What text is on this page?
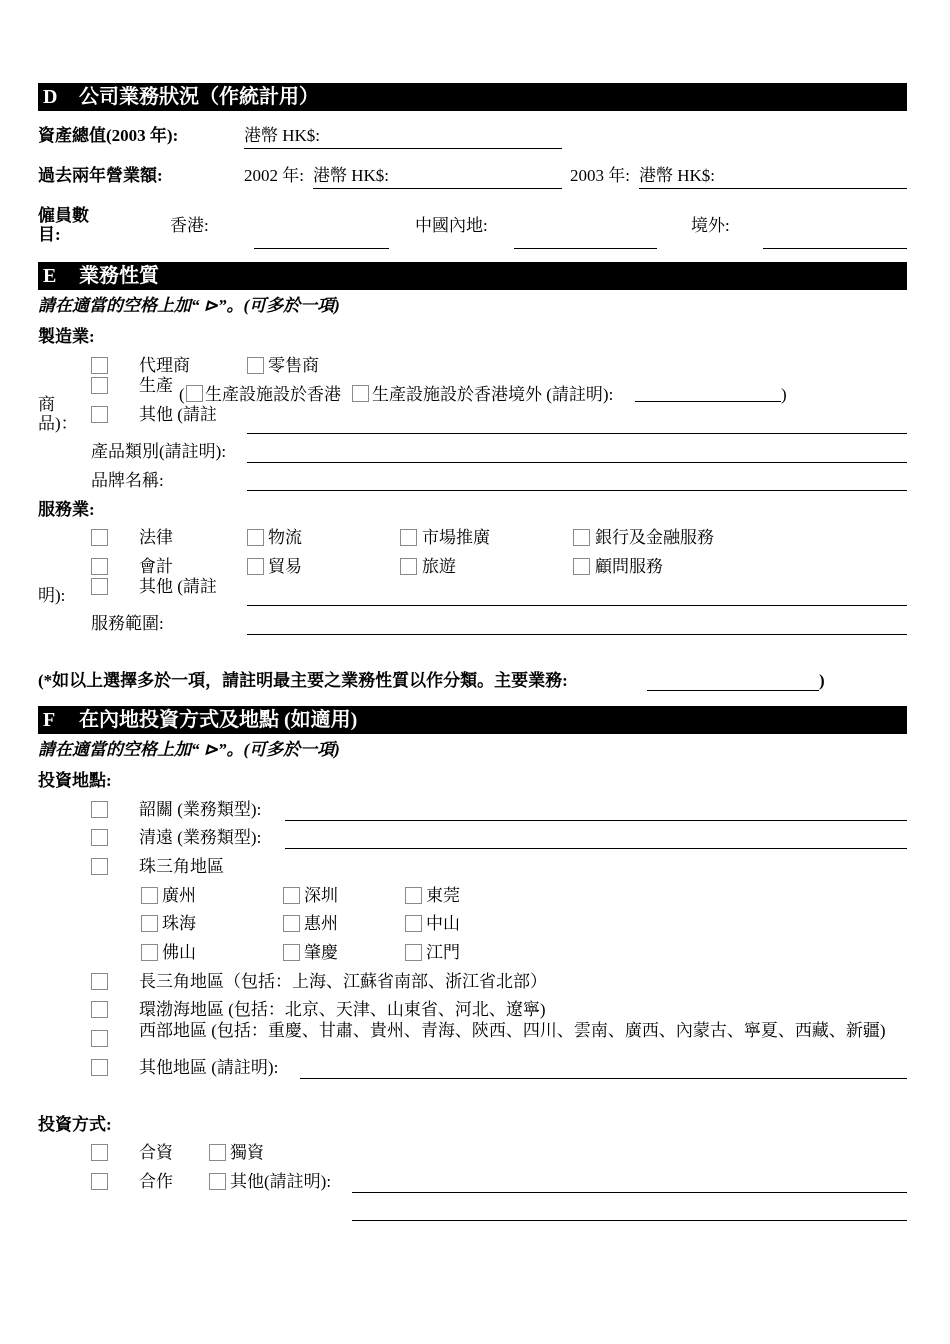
D 公司業務狀況（作統計用）
資產總值(2003 年):	港幣 HK$:
過去兩年營業額:	2002 年: 港幣 HK$:	2003 年: 港幣 HK$:
僱員數
目:	香港:	中國內地:	境外:
E 業務性質
請在適當的空格上加“ ⊳”。(可多於一項)
製造業:
代理商	零售商
生產 ( 生產設施設於香港 生產設施設於香港境外 (請註明):	)
商
其他 (請註
品)：
產品類別(請註明):
品牌名稱:
服務業:
法律	物流	市場推廣	銀行及金融服務
會計	貿易	旅遊	顧問服務
其他 (請註
明):
服務範圍:
(*如以上選擇多於一項，請註明最主要之業務性質以作分類。主要業務:	)
F 在內地投資方式及地點 (如適用)
請在適當的空格上加“ ⊳”。(可多於一項)
投資地點:
韶關 (業務類型):
清遠 (業務類型):
珠三角地區
廣州	深圳	東莞
珠海	惠州	中山
佛山	肇慶	江門
長三角地區（包括：上海、江蘇省南部、浙江省北部）
環渤海地區 (包括：北京、天津、山東省、河北、遼寧)
西部地區 (包括：重慶、甘肅、貴州、青海、陝西、四川、雲南、廣西、內蒙古、寧夏、西藏、新疆)
其他地區 (請註明):
投資方式:
合資	獨資
合作	其他(請註明):
